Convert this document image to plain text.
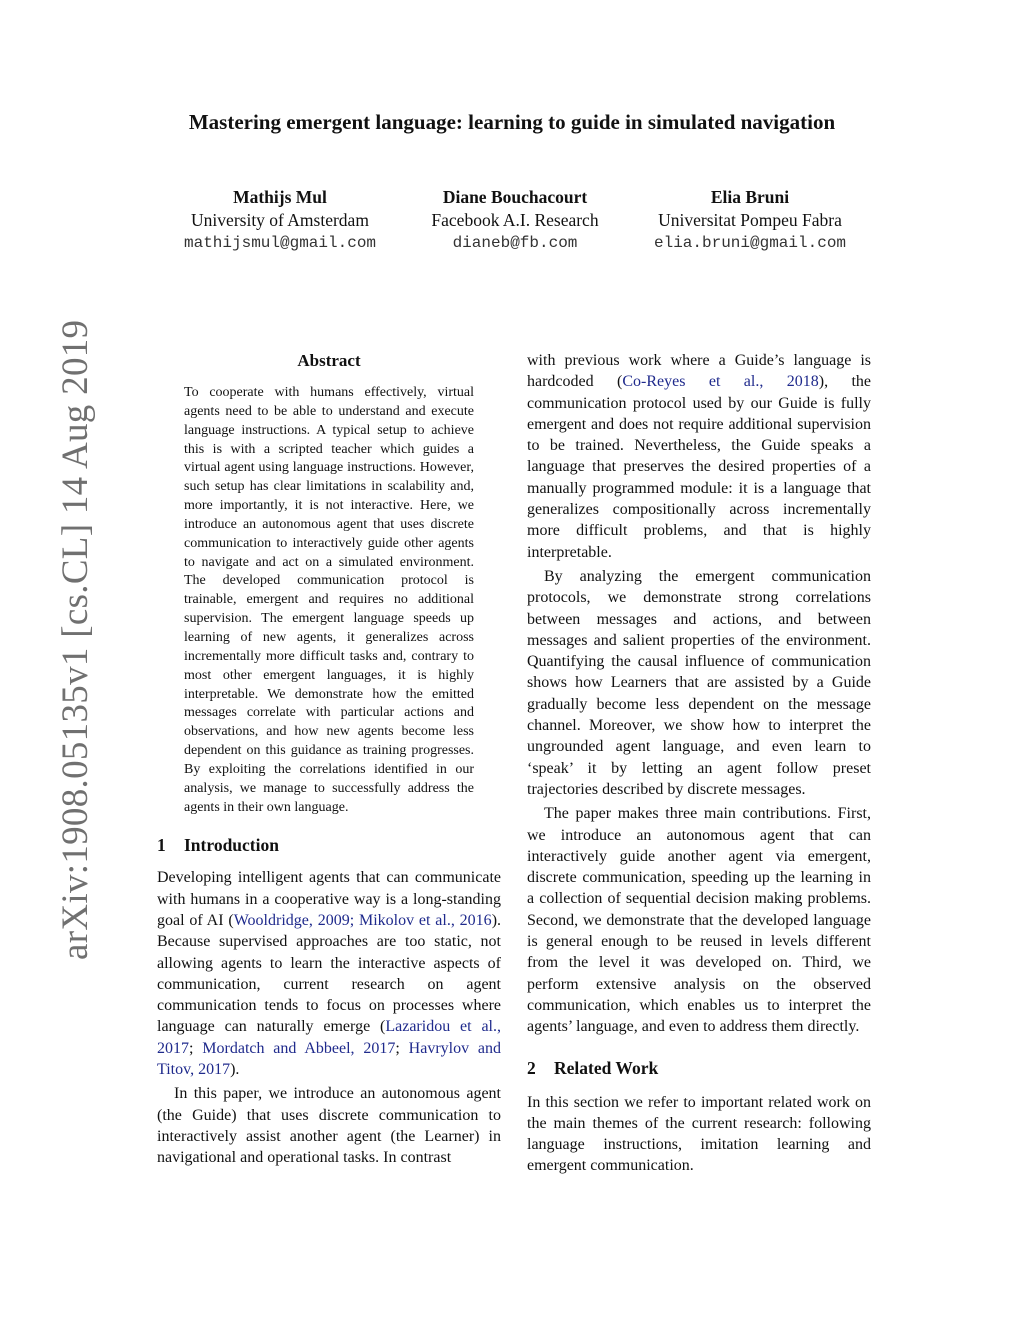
Mastering emergent language: learning to guide in simulated navigation
Mathijs Mul
University of Amsterdam
mathijsmul@gmail.com
Diane Bouchacourt
Facebook A.I. Research
dianeb@fb.com
Elia Bruni
Universitat Pompeu Fabra
elia.bruni@gmail.com
arXiv:1908.05135v1 [cs.CL] 14 Aug 2019	Abstract

To cooperate with humans effectively, virtual agents need to be able to understand and execute language instructions. A typical setup to achieve this is with a scripted teacher which guides a virtual agent using language instructions. However, such setup has clear limitations in scalability and, more importantly, it is not interactive. Here, we introduce an autonomous agent that uses discrete communication to interactively guide other agents to navigate and act on a simulated environment. The developed communication protocol is trainable, emergent and requires no additional supervision. The emergent language speeds up learning of new agents, it generalizes across incrementally more difficult tasks and, contrary to most other emergent languages, it is highly interpretable. We demonstrate how the emitted messages correlate with particular actions and observations, and how new agents become less dependent on this guidance as training progresses. By exploiting the correlations identified in our analysis, we manage to successfully address the agents in their own language.

1 Introduction

Developing intelligent agents that can communicate with humans in a cooperative way is a long-standing goal of AI (Wooldridge, 2009; Mikolov et al., 2016). Because supervised approaches are too static, not allowing agents to learn the interactive aspects of communication, current research on agent communication tends to focus on processes where language can naturally emerge (Lazaridou et al., 2017; Mordatch and Abbeel, 2017; Havrylov and Titov, 2017).

In this paper, we introduce an autonomous agent (the Guide) that uses discrete communication to interactively assist another agent (the Learner) in navigational and operational tasks. In contrast

with previous work where a Guide’s language is hardcoded (Co-Reyes et al., 2018), the communication protocol used by our Guide is fully emergent and does not require additional supervision to be trained. Nevertheless, the Guide speaks a language that preserves the desired properties of a manually programmed module: it is a language that generalizes compositionally across incrementally more difficult problems, and that is highly interpretable.

By analyzing the emergent communication protocols, we demonstrate strong correlations between messages and actions, and between messages and salient properties of the environment. Quantifying the causal influence of communication shows how Learners that are assisted by a Guide gradually become less dependent on the message channel. Moreover, we show how to interpret the ungrounded agent language, and even learn to ‘speak’ it by letting an agent follow preset trajectories described by discrete messages.

The paper makes three main contributions. First, we introduce an autonomous agent that can interactively guide another agent via emergent, discrete communication, speeding up the learning in a collection of sequential decision making problems. Second, we demonstrate that the developed language is general enough to be reused in levels different from the level it was developed on. Third, we perform extensive analysis on the observed communication, which enables us to interpret the agents’ language, and even to address them directly.

2 Related Work

In this section we refer to important related work on the main themes of the current research: following language instructions, imitation learning and emergent communication.
